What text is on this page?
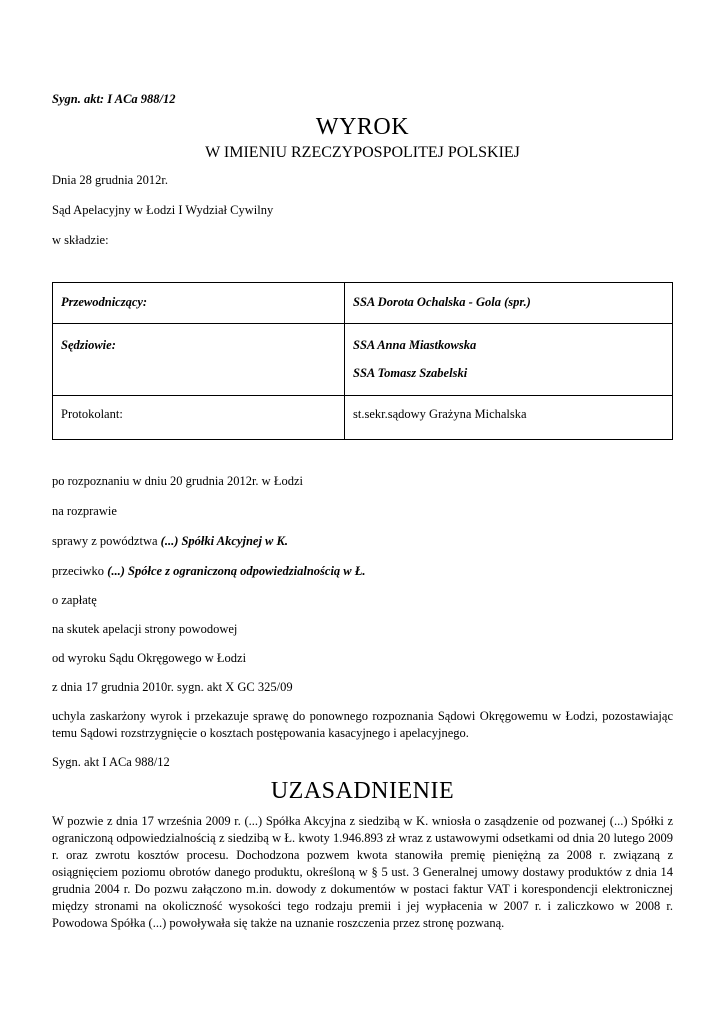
Sygn. akt: I ACa 988/12
WYROK
W IMIENIU RZECZYPOSPOLITEJ POLSKIEJ
Dnia 28 grudnia 2012r.
Sąd Apelacyjny w Łodzi I Wydział Cywilny
w składzie:
Przewodniczący:	SSA Dorota Ochalska - Gola (spr.)
Sędziowie:	SSA Anna Miastkowska
SSA Tomasz Szabelski

Protokolant:	st.sekr.sądowy Grażyna Michalska
po rozpoznaniu w dniu 20 grudnia 2012r. w Łodzi
na rozprawie
sprawy z powództwa (...) Spółki Akcyjnej w K.
przeciwko (...) Spółce z ograniczoną odpowiedzialnością w Ł.
o zapłatę
na skutek apelacji strony powodowej
od wyroku Sądu Okręgowego w Łodzi
z dnia 17 grudnia 2010r. sygn. akt X GC 325/09
uchyla zaskarżony wyrok i przekazuje sprawę do ponownego rozpoznania Sądowi Okręgowemu w Łodzi, pozostawiając temu Sądowi rozstrzygnięcie o kosztach postępowania kasacyjnego i apelacyjnego.
Sygn. akt I ACa 988/12
UZASADNIENIE
W pozwie z dnia 17 września 2009 r. (...) Spółka Akcyjna z siedzibą w K. wniosła o zasądzenie od pozwanej (...) Spółki z ograniczoną odpowiedzialnością z siedzibą w Ł. kwoty 1.946.893 zł wraz z ustawowymi odsetkami od dnia 20 lutego 2009 r. oraz zwrotu kosztów procesu. Dochodzona pozwem kwota stanowiła premię pieniężną za 2008 r. związaną z osiągnięciem poziomu obrotów danego produktu, określoną w § 5 ust. 3 Generalnej umowy dostawy produktów z dnia 14 grudnia 2004 r. Do pozwu załączono m.in. dowody z dokumentów w postaci faktur VAT i korespondencji elektronicznej między stronami na okoliczność wysokości tego rodzaju premii i jej wypłacenia w 2007 r. i zaliczkowo w 2008 r. Powodowa Spółka (...) powoływała się także na uznanie roszczenia przez stronę pozwaną.
